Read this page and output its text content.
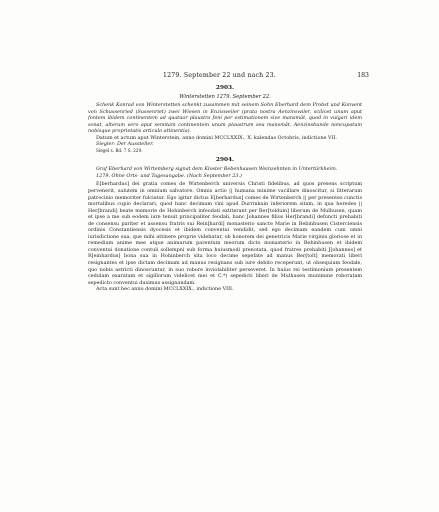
1279. September 22 und nach 23.	183
2903.

Winterstetten 1279. September 22.

Schenk Konrad von Winterstetten schenkt zusammen mit seinem Sohn Eberhard dem Probst und Konvent von Schussenried (Sussenriet) zwei Wiesen in Enzisweiler (prata nostra Aenzinswiler, scilicet unum aput fontem ibidem continentem ad quatuor plaustra feni per estimationem sive mansmât, quod in vulgari idem sonat, alterum vero aput semitam continentem unum plaustrum seu mansmât, Aenzinsbunde noncupatum nobisque proprietatis articulo attinentia).

Datum et actum aput Winterstein, anno domini MCCLXXIX., X. kalendas Octobris, indictione VII.

Siegler: Der Aussteller.

Siegel s. Bd. 7 S. 229.

2904.

Graf Eberhard von Wirtemberg signat dem Kloster Bebenhausen Weinzehnten in Untertürkheim.

1279. Ohne Orts- und Tagesangabe. (Nach September 23.)

E[berhardus] dei gratia comes de Wirtenberch universis Christi fidelibus, ad quos presens scriptum pervenerit, salutem in omnium salvatore. Omnis actio || humana minime vacillare dinoscitur, si litterarum patrocinio memoriter fulciatur. Ego igitur dictus E[berhardus] comes de Wirtenberch || per presentes cunctis mortalibus cupio declarari, quod hanc decimam vini apud Durrinkain inferiorem sitam, in qua heredes || Her[brandi] beate memorie de Hohinberch infeodati extiterant per Ber[toldum] liberum de Mulhusen, quam et ipse a me sub eodem iure tenuit principaliter feodali, hanc Johannes filius Her[brandi] defuncti prehabiti de consensu pariter et assensu fratris sui Rein[hardi] monasterio sancte Marie in Bebinhusen Cisterciensis ordinis Constantiensis dyocesis et ibidem conventui vendidit, sed ego decimam eandem cum omni iurisdictione sua, que mihi attinere proprie videbatur, ob honorem dei genetricis Marie virginis gloriose et in remedium anime mee atque animarum parentum meorum dicto monasterio in Bebinhusen et ibidem conventui donatione contuli sollempni sub forma huiusmodi prenotata, quod fratres prehabiti J[ohannes] et R[einhardus] bona sua in Hohinberch sita loco decime sepefate ad manus Ber[tolt] memorati liberi resignantes et ipse dictam decimam ad manus resignans sub iure debito receperunt, ut obsequium feodale, quo nobis astricti dinoscuntur, in suo robore inviolabiliter perseveret. In huius rei testimonium presentem cedulam exaratam et sigillorum videlicet mei et C.*) sepedicti liberi de Mulhusen munimine roboratam sepedicto conventui duximus assignandam.

Acta sunt hec anno domini MCCLXXIX., indictione VIII.
